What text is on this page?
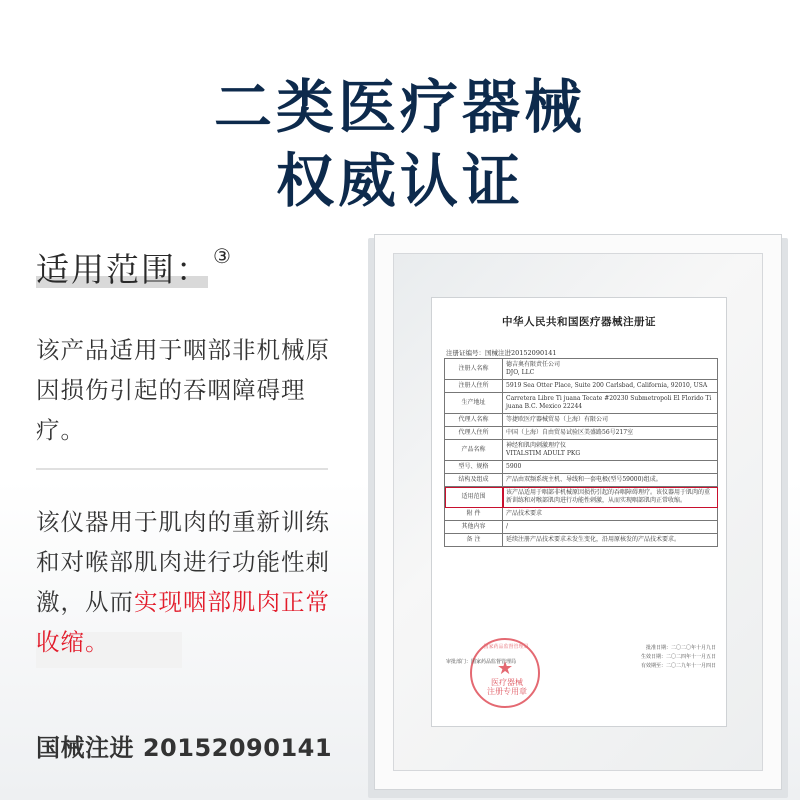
二类医疗器械
权威认证
适用范围： ③
该产品适用于咽部非机械原因损伤引起的吞咽障碍理疗。
该仪器用于肌肉的重新训练和对喉部肌肉进行功能性刺激，从而实现咽部肌肉正常收缩。
国械注进 20152090141
中华人民共和国医疗器械注册证
注册证编号：国械注进20152090141
注册人名称	德吉奥有限责任公司
DJO, LLC
注册人住所	5919 Sea Otter Place, Suite 200 Carlsbad, California, 92010, USA
生产地址	Carretera Libre Ti juana Tecate #20230 Submetropoli El Florido Ti juana B.C. Mexico 22244
代理人名称	等捷欧医疗器械贸易（上海）有限公司
代理人住所	中国（上海）自由贸易试验区美盛路56号217室
产品名称	神经和肌肉刺激理疗仪
VITALSTIM ADULT PKG
型号、规格	5900
结构及组成	产品由双频系统主机、导线和一套电极(型号59000)组成。
适用范围	该产品适用于咽部非机械原因损伤引起的吞咽障碍理疗。该仪器用于肌肉的重新训练和对喉部肌肉进行功能性刺激，从而实现咽部肌肉正常收缩。
附 件	产品技术要求
其他内容	/
备 注	延续注册产品技术要求未发生变化，沿用原核发的产品技术要求。
国家药品监督管理局
★
医疗器械
注册专用章
审批部门：国家药品监督管理局
批准日期：二〇二〇年十月九日
生效日期：二〇二四年十一月五日
有效期至：二〇二九年十一月四日
